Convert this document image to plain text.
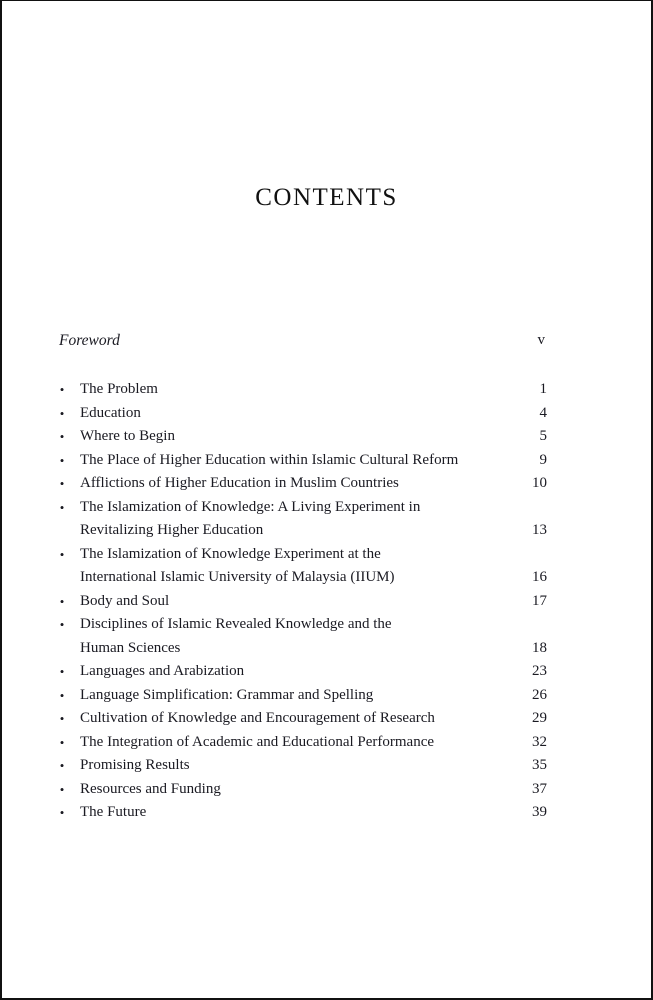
CONTENTS
Foreword	v
• The Problem	1
• Education	4
• Where to Begin	5
• The Place of Higher Education within Islamic Cultural Reform	9
• Afflictions of Higher Education in Muslim Countries	10
• The Islamization of Knowledge: A Living Experiment in
Revitalizing Higher Education	13
• The Islamization of Knowledge Experiment at the
International Islamic University of Malaysia (IIUM)	16
• Body and Soul	17
• Disciplines of Islamic Revealed Knowledge and the
Human Sciences	18
• Languages and Arabization	23
• Language Simplification: Grammar and Spelling	26
• Cultivation of Knowledge and Encouragement of Research	29
• The Integration of Academic and Educational Performance	32
• Promising Results	35
• Resources and Funding	37
• The Future	39
